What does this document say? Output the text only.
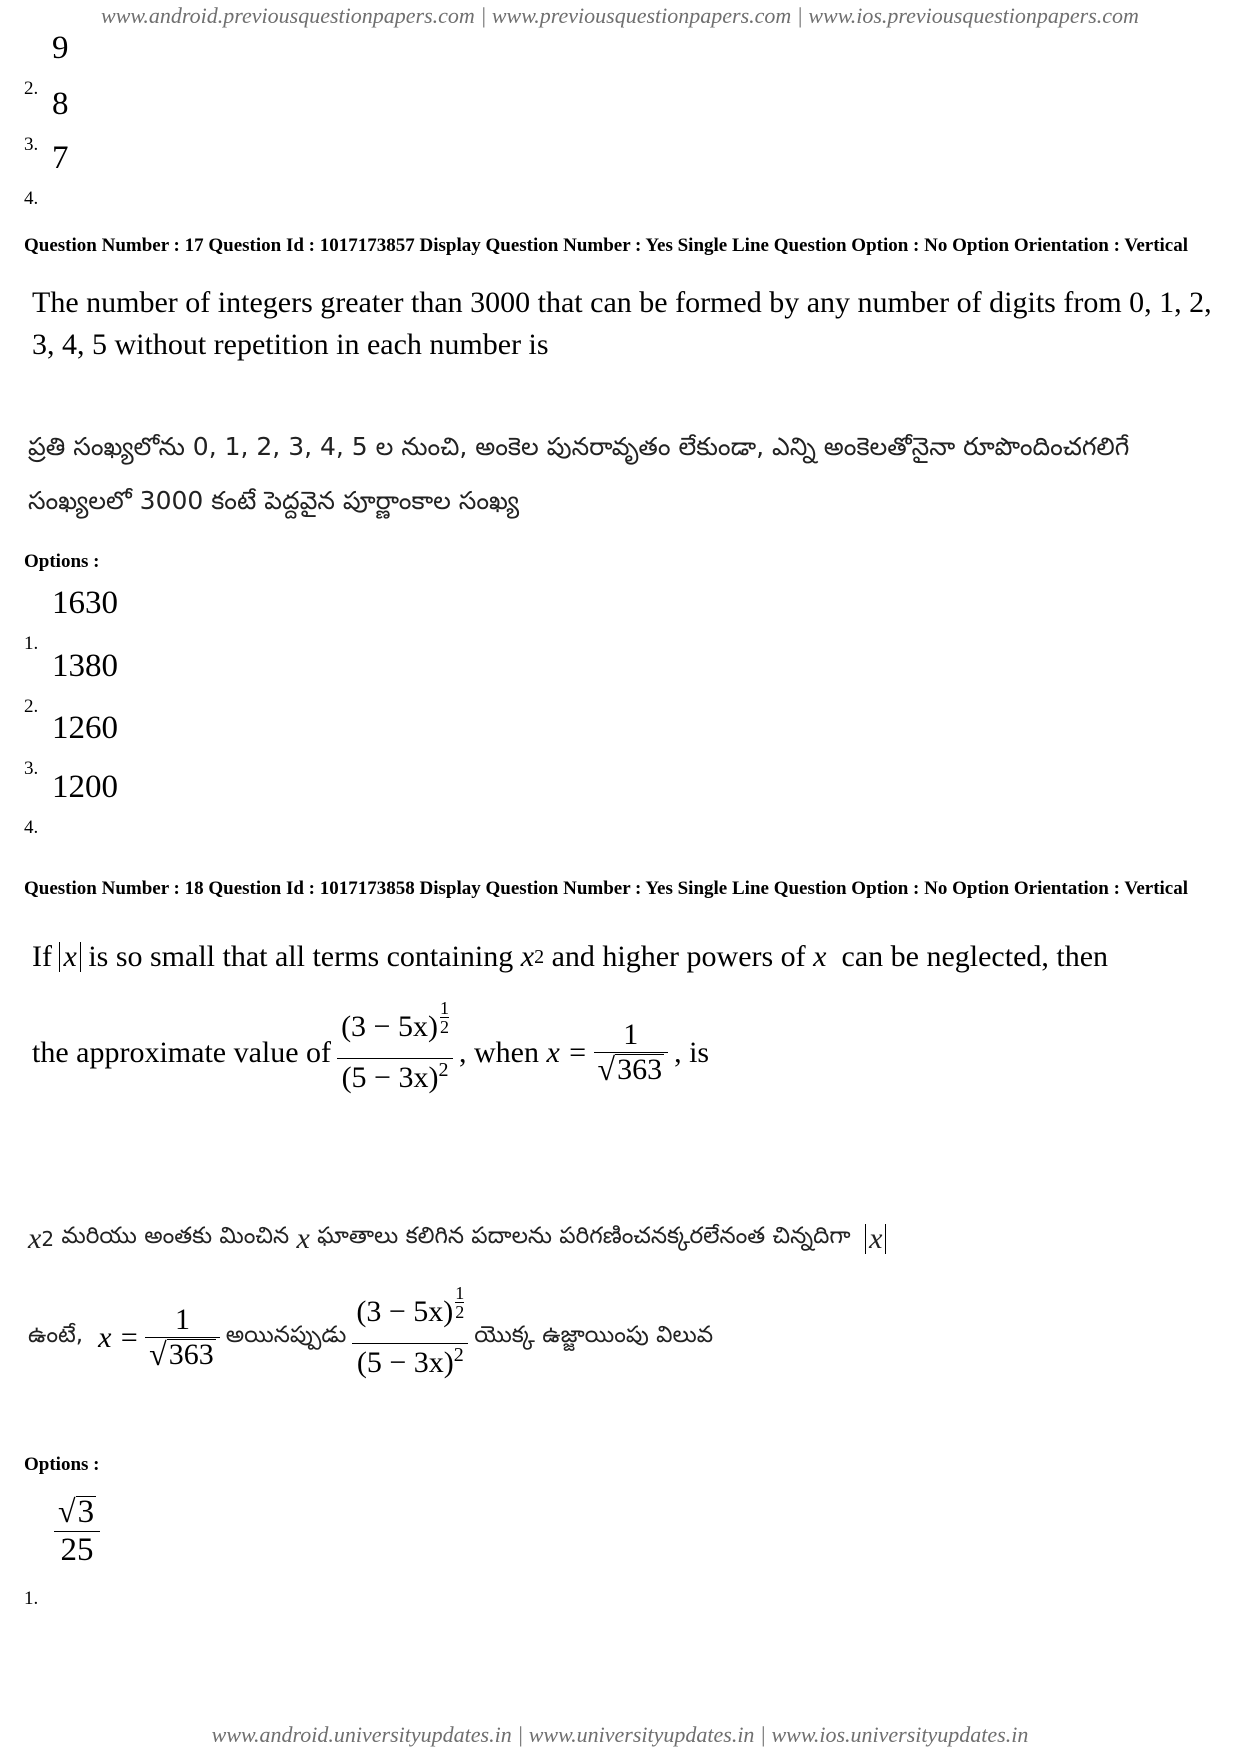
www.android.previousquestionpapers.com | www.previousquestionpapers.com | www.ios.previousquestionpapers.com
2.
9
3.
8
4.
7
Question Number : 17 Question Id : 1017173857 Display Question Number : Yes Single Line Question Option : No Option Orientation : Vertical
The number of integers greater than 3000 that can be formed by any number of digits from 0, 1, 2, 3, 4, 5 without repetition in each number is
ప్రతి సంఖ్యలోను 0, 1, 2, 3, 4, 5 ల నుంచి, అంకెల పునరావృతం లేకుండా, ఎన్ని అంకెలతోనైనా రూపొందించగలిగే సంఖ్యలలో 3000 కంటే పెద్దవైన పూర్ణాంకాల సంఖ్య
Options :
1.
1630
2.
1380
3.
1260
4.
1200
Question Number : 18 Question Id : 1017173858 Display Question Number : Yes Single Line Question Option : No Option Orientation : Vertical
If
x
is so small that all terms containing
x 2
and higher powers of
x
can be neglected, then
the approximate value of $\frac{(3 - 5x) \frac{1}{2}}{(5 - 3x)^2}$ , when
$x = \frac{1}{√ 363}$ , is
x 2
మరియు అంతకు మించిన
x
ఘాతాలు కలిగిన పదాలను పరిగణించనక్కరలేనంత చిన్నదిగా
x
ఉంటే,
$x = \frac{1}{√ 363}$ అయినప్పుడు $\frac{(3 - 5x) \frac{1}{2}}{(5 - 3x)^2}$ యొక్క ఉజ్జాయింపు విలువ
Options :
1.
$\frac{√ 3}{25}$
www.android.universityupdates.in | www.universityupdates.in | www.ios.universityupdates.in
